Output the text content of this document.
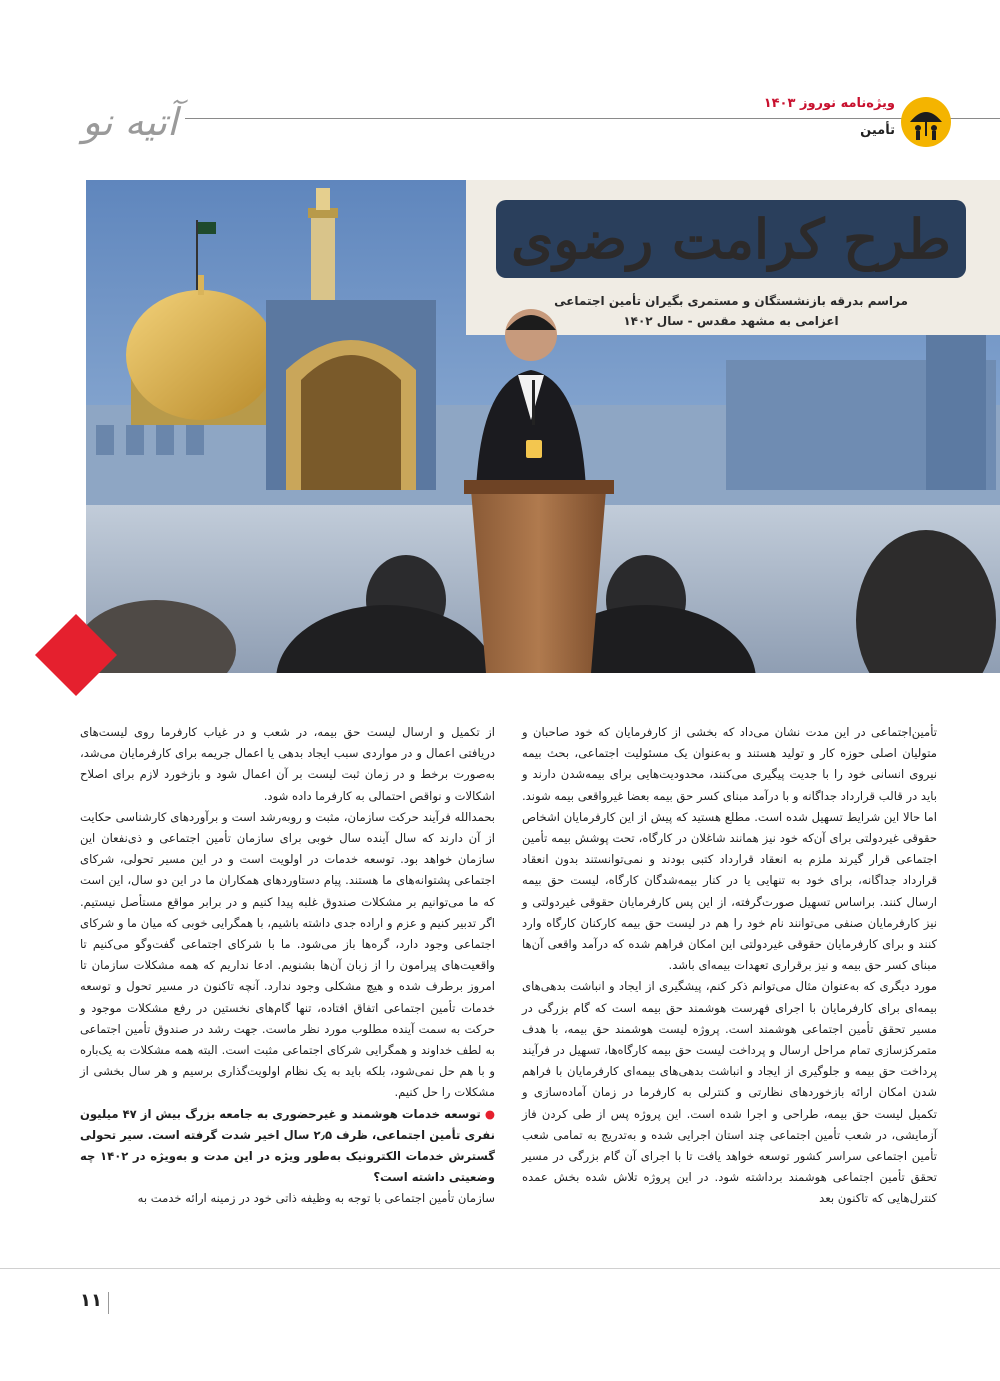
آتیه نو	ویژه‌نامه نوروز ۱۴۰۳
تأمین
طرح کرامت رضوی
مراسم بدرقه بازنشستگان و مستمری بگیران تأمین اجتماعی
اعزامی به مشهد مقدس - سال ۱۴۰۲

تأمین‌اجتماعی در این مدت نشان می‌داد که بخشی از کارفرمایان که خود صاحبان و متولیان اصلی حوزه کار و تولید هستند و به‌عنوان یک مسئولیت اجتماعی، بحث بیمه نیروی انسانی خود را با جدیت پیگیری می‌کنند، محدودیت‌هایی برای بیمه‌شدن دارند و باید در قالب قرارداد جداگانه و با درآمد مبنای کسر حق بیمه بعضا غیرواقعی بیمه شوند. اما حالا این شرایط تسهیل شده است. مطلع هستید که پیش از این کارفرمایان اشخاص حقوقی غیردولتی برای آن‌که خود نیز همانند شاغلان در کارگاه، تحت پوشش بیمه تأمین اجتماعی قرار گیرند ملزم به انعقاد قرارداد کتبی بودند و نمی‌توانستند بدون انعقاد قرارداد جداگانه، برای خود به تنهایی یا در کنار بیمه‌شدگان کارگاه، لیست حق بیمه ارسال کنند. براساس تسهیل صورت‌گرفته، از این پس کارفرمایان حقوقی غیردولتی و نیز کارفرمایان صنفی می‌توانند نام خود را هم در لیست حق بیمه کارکنان کارگاه وارد کنند و برای کارفرمایان حقوقی غیردولتی این امکان فراهم شده که درآمد واقعی آن‌ها مبنای کسر حق بیمه و نیز برقراری تعهدات بیمه‌ای باشد.

مورد دیگری که به‌عنوان مثال می‌توانم ذکر کنم، پیشگیری از ایجاد و انباشت بدهی‌های بیمه‌ای برای کارفرمایان با اجرای فهرست هوشمند حق بیمه است که گام بزرگی در مسیر تحقق تأمین اجتماعی هوشمند است. پروژه لیست هوشمند حق بیمه، با هدف متمرکزسازی تمام مراحل ارسال و پرداخت لیست حق بیمه کارگاه‌ها، تسهیل در فرآیند پرداخت حق بیمه و جلوگیری از ایجاد و انباشت بدهی‌های بیمه‌ای کارفرمایان با فراهم شدن امکان ارائه بازخوردهای نظارتی و کنترلی به کارفرما در زمان آماده‌سازی و تکمیل لیست حق بیمه، طراحی و اجرا شده است. این پروژه پس از طی کردن فاز آزمایشی، در شعب تأمین اجتماعی چند استان اجرایی شده و به‌تدریج به تمامی شعب تأمین اجتماعی سراسر کشور توسعه خواهد یافت تا با اجرای آن گام بزرگی در مسیر تحقق تأمین اجتماعی هوشمند برداشته شود. در این پروژه تلاش شده بخش عمده کنترل‌هایی که تاکنون بعد

از تکمیل و ارسال لیست حق بیمه، در شعب و در غیاب کارفرما روی لیست‌های دریافتی اعمال و در مواردی سبب ایجاد بدهی یا اعمال جریمه برای کارفرمایان می‌شد، به‌صورت برخط و در زمان ثبت لیست بر آن اعمال شود و بازخورد لازم برای اصلاح اشکالات و نواقص احتمالی به کارفرما داده شود.

بحمدالله فرآیند حرکت سازمان، مثبت و روبه‌رشد است و برآوردهای کارشناسی حکایت از آن دارند که سال آینده سال خوبی برای سازمان تأمین اجتماعی و ذی‌نفعان این سازمان خواهد بود. توسعه خدمات در اولویت است و در این مسیر تحولی، شرکای اجتماعی پشتوانه‌های ما هستند. پیام دستاوردهای همکاران ما در این دو سال، این است که ما می‌توانیم بر مشکلات صندوق غلبه پیدا کنیم و در برابر مواقع مستأصل نیستیم. اگر تدبیر کنیم و عزم و اراده جدی داشته باشیم، با همگرایی خوبی که میان ما و شرکای اجتماعی وجود دارد، گره‌ها باز می‌شود. ما با شرکای اجتماعی گفت‌وگو می‌کنیم تا واقعیت‌های پیرامون را از زبان آن‌ها بشنویم. ادعا نداریم که همه مشکلات سازمان تا امروز برطرف شده و هیچ مشکلی وجود ندارد. آنچه تاکنون در مسیر تحول و توسعه خدمات تأمین اجتماعی اتفاق افتاده، تنها گام‌های نخستین در رفع مشکلات موجود و حرکت به سمت آینده مطلوب مورد نظر ماست. جهت رشد در صندوق تأمین اجتماعی به لطف خداوند و همگرایی شرکای اجتماعی مثبت است. البته همه مشکلات به یک‌باره و با هم حل نمی‌شود، بلکه باید به یک نظام اولویت‌گذاری برسیم و هر سال بخشی از مشکلات را حل کنیم.

● توسعه خدمات هوشمند و غیرحضوری به جامعه بزرگ بیش از ۴۷ میلیون نفری تأمین اجتماعی، ظرف ۲٫۵ سال اخیر شدت گرفته است. سیر تحولی گسترش خدمات الکترونیک به‌طور ویژه در این مدت و به‌ویژه در ۱۴۰۲ چه وضعیتی داشته است؟

سازمان تأمین اجتماعی با توجه به وظیفه ذاتی خود در زمینه ارائه خدمت به

۱۱
